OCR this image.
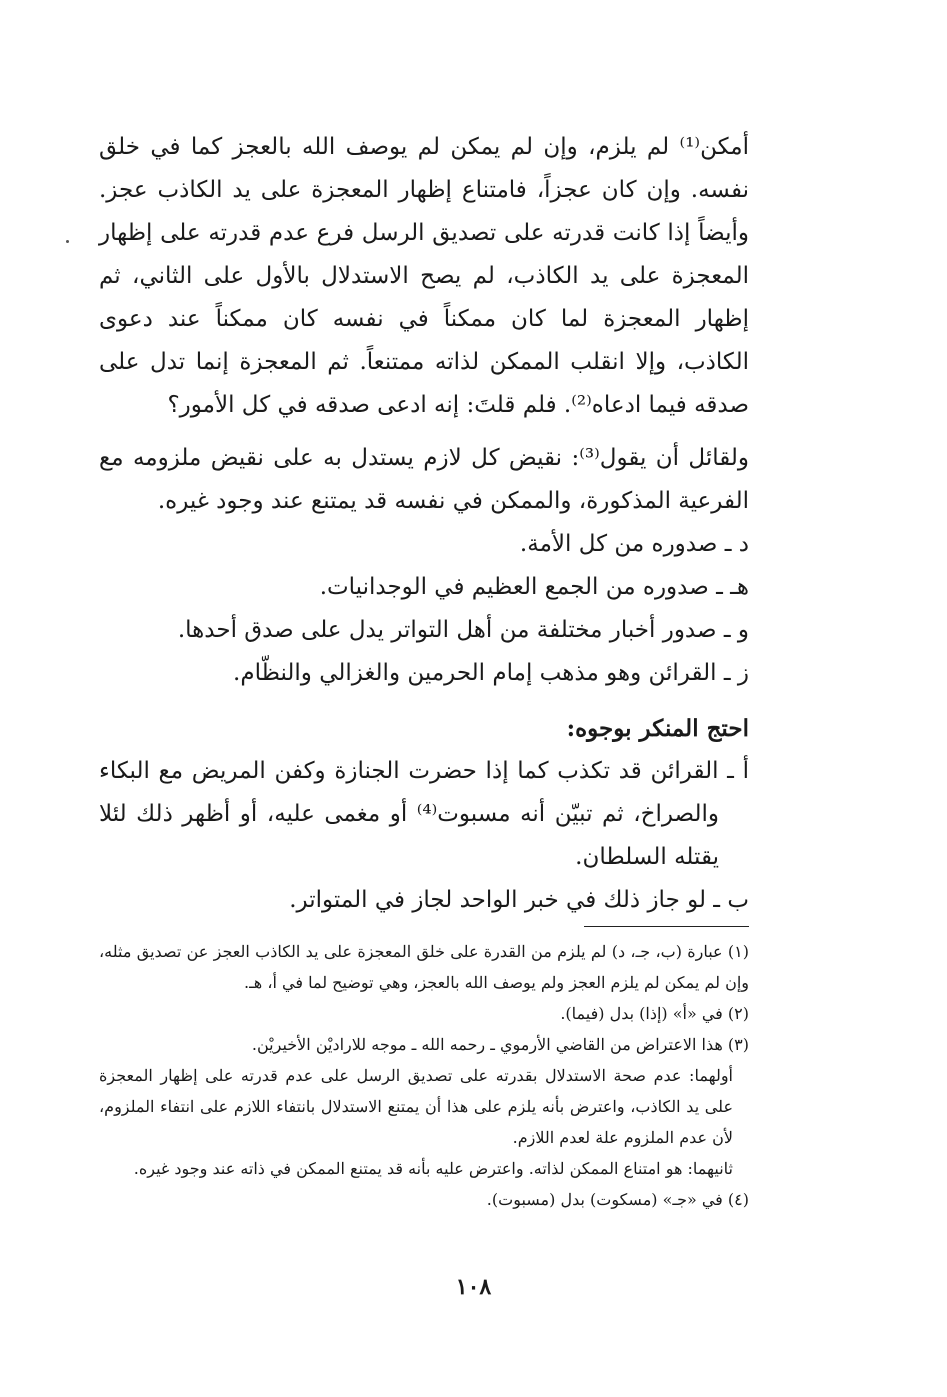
أمكن⁽¹⁾ لم يلزم، وإن لم يمكن لم يوصف الله بالعجز كما في خلق نفسه. وإن كان عجزاً، فامتناع إظهار المعجزة على يد الكاذب عجز. وأيضاً إذا كانت قدرته على تصديق الرسل فرع عدم قدرته على إظهار المعجزة على يد الكاذب، لم يصح الاستدلال بالأول على الثاني، ثم إظهار المعجزة لما كان ممكناً في نفسه كان ممكناً عند دعوى الكاذب، وإلا انقلب الممكن لذاته ممتنعاً. ثم المعجزة إنما تدل على صدقه فيما ادعاه⁽²⁾. فلم قلتَ: إنه ادعى صدقه في كل الأمور؟

ولقائل أن يقول⁽³⁾: نقيض كل لازم يستدل به على نقيض ملزومه مع الفرعية المذكورة، والممكن في نفسه قد يمتنع عند وجود غيره.

د ـ صدوره من كل الأمة.

هـ ـ صدوره من الجمع العظيم في الوجدانيات.

و ـ صدور أخبار مختلفة من أهل التواتر يدل على صدق أحدها.

ز ـ القرائن وهو مذهب إمام الحرمين والغزالي والنظّام.

احتج المنكر بوجوه:

أ ـ القرائن قد تكذب كما إذا حضرت الجنازة وكفن المريض مع البكاء والصراخ، ثم تبيّن أنه مسبوت⁽⁴⁾ أو مغمى عليه، أو أظهر ذلك لئلا يقتله السلطان.

ب ـ لو جاز ذلك في خبر الواحد لجاز في المتواتر.

(١) عبارة (ب، جـ، د) لم يلزم من القدرة على خلق المعجزة على يد الكاذب العجز عن تصديق مثله، وإن لم يمكن لم يلزم العجز ولم يوصف الله بالعجز، وهي توضيح لما في أ، هـ.

(٢) في «أ» (إذا) بدل (فيما).

(٣) هذا الاعتراض من القاضي الأرموي ـ رحمه الله ـ موجه للاراديْن الأخيريْن.

أولهما: عدم صحة الاستدلال بقدرته على تصديق الرسل على عدم قدرته على إظهار المعجزة على يد الكاذب، واعترض بأنه يلزم على هذا أن يمتنع الاستدلال بانتفاء اللازم على انتفاء الملزوم، لأن عدم الملزوم علة لعدم اللازم.

ثانيهما: هو امتناع الممكن لذاته. واعترض عليه بأنه قد يمتنع الممكن في ذاته عند وجود غيره.

(٤) في «جـ» (مسكوت) بدل (مسبوت).

١٠٨
